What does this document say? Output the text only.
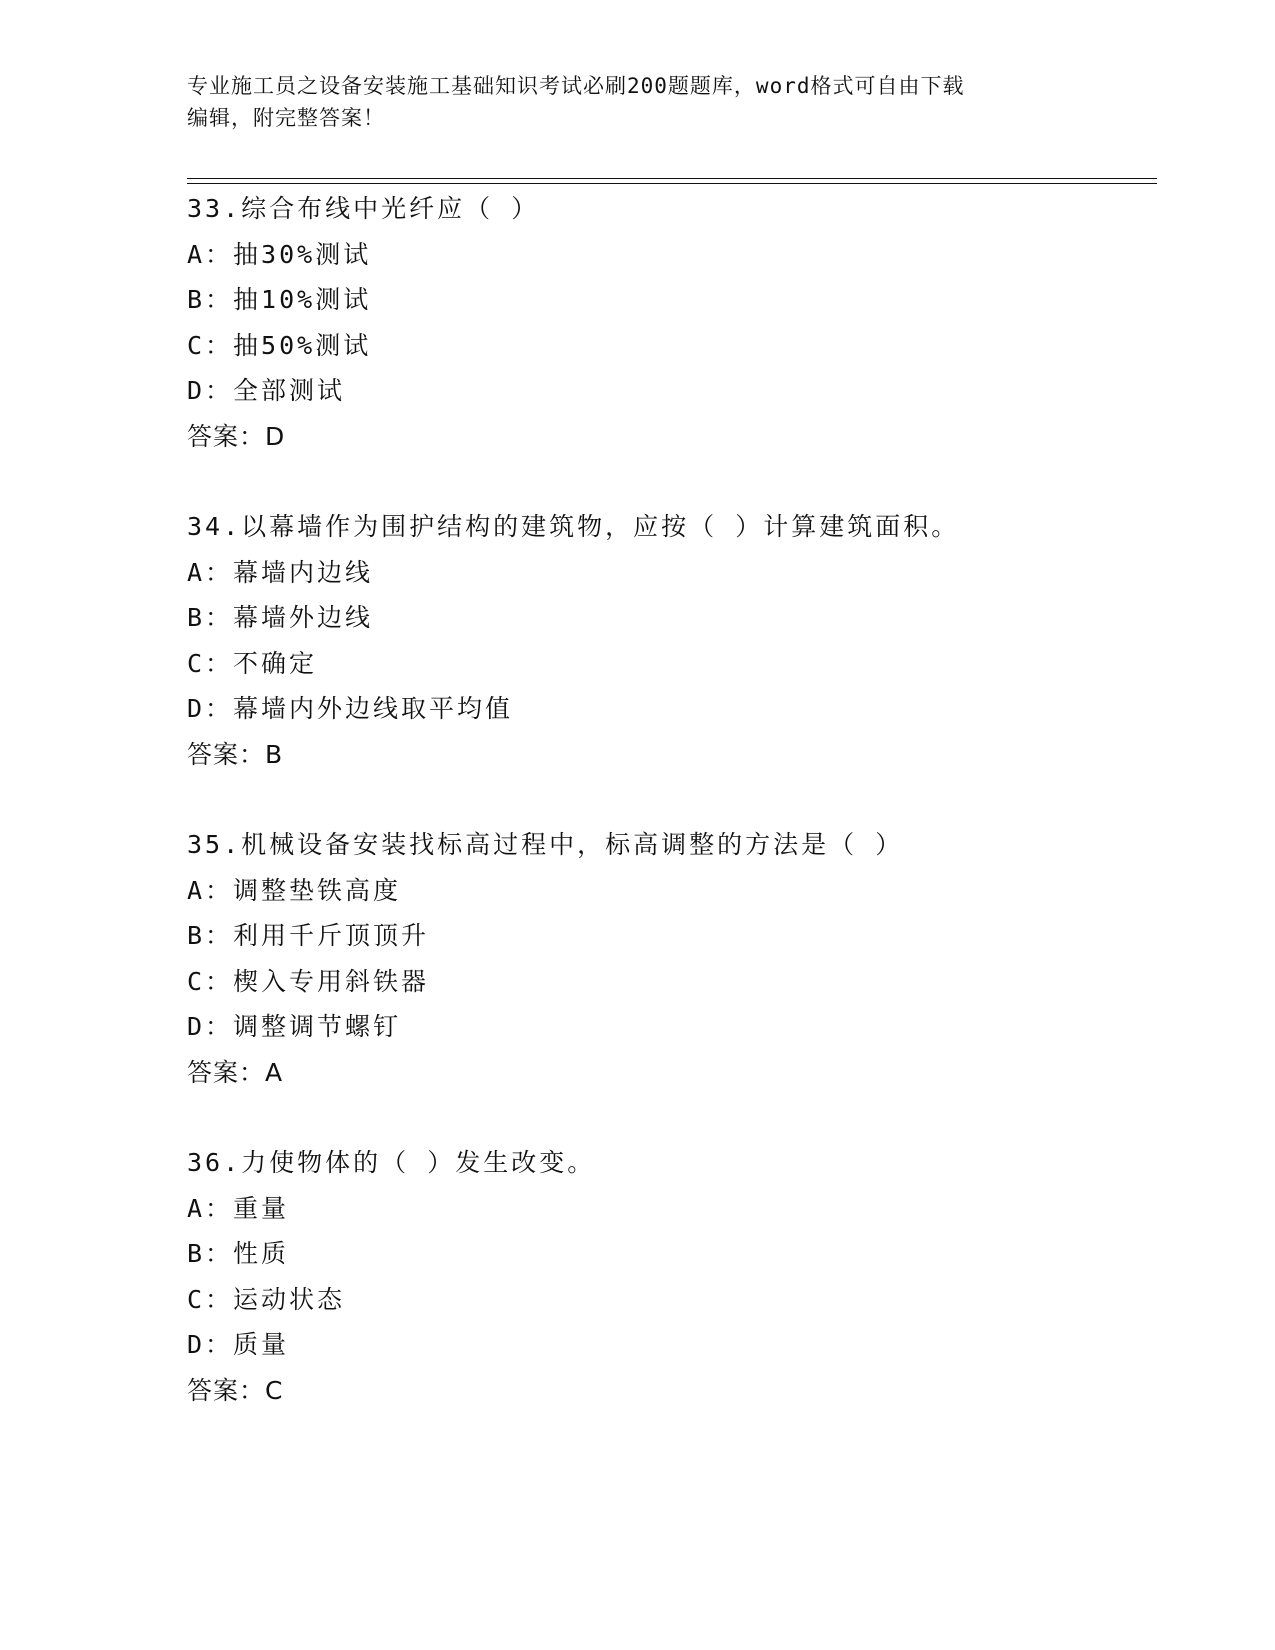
专业施工员之设备安装施工基础知识考试必刷200题题库，word格式可自由下载
编辑，附完整答案！
33.综合布线中光纤应（ ）
A：抽30%测试
B：抽10%测试
C：抽50%测试
D：全部测试
答案：D
34.以幕墙作为围护结构的建筑物，应按（ ）计算建筑面积。
A：幕墙内边线
B：幕墙外边线
C：不确定
D：幕墙内外边线取平均值
答案：B
35.机械设备安装找标高过程中，标高调整的方法是（ ）
A：调整垫铁高度
B：利用千斤顶顶升
C：楔入专用斜铁器
D：调整调节螺钉
答案：A
36.力使物体的（ ）发生改变。
A：重量
B：性质
C：运动状态
D：质量
答案：C
